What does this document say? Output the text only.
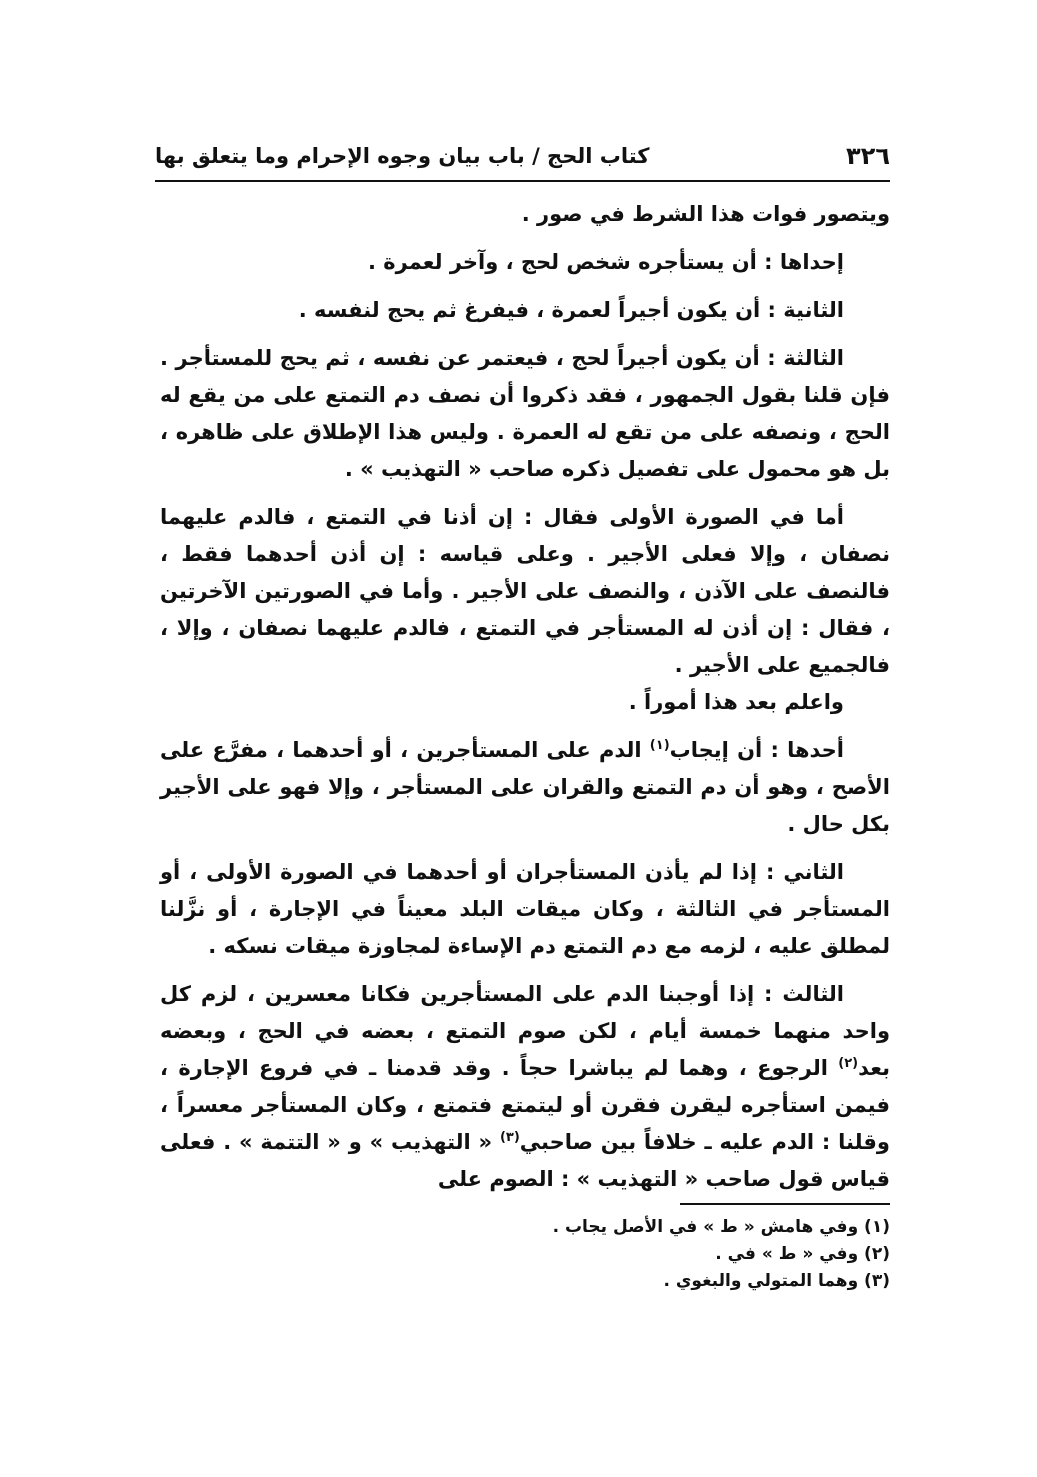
٣٢٦
كتاب الحج / باب بيان وجوه الإحرام وما يتعلق بها

ويتصور فوات هذا الشرط في صور .

إحداها : أن يستأجره شخص لحج ، وآخر لعمرة .

الثانية : أن يكون أجيراً لعمرة ، فيفرغ ثم يحج لنفسه .

الثالثة : أن يكون أجيراً لحج ، فيعتمر عن نفسه ، ثم يحج للمستأجر . فإن قلنا بقول الجمهور ، فقد ذكروا أن نصف دم التمتع على من يقع له الحج ، ونصفه على من تقع له العمرة . وليس هذا الإطلاق على ظاهره ، بل هو محمول على تفصيل ذكره صاحب « التهذيب » .

أما في الصورة الأولى فقال : إن أذنا في التمتع ، فالدم عليهما نصفان ، وإلا فعلى الأجير . وعلى قياسه : إن أذن أحدهما فقط ، فالنصف على الآذن ، والنصف على الأجير . وأما في الصورتين الآخرتين ، فقال : إن أذن له المستأجر في التمتع ، فالدم عليهما نصفان ، وإلا ، فالجميع على الأجير .

واعلم بعد هذا أموراً .

أحدها : أن إيجاب$^{(١)}$ الدم على المستأجرين ، أو أحدهما ، مفرَّع على الأصح ، وهو أن دم التمتع والقران على المستأجر ، وإلا فهو على الأجير بكل حال .

الثاني : إذا لم يأذن المستأجران أو أحدهما في الصورة الأولى ، أو المستأجر في الثالثة ، وكان ميقات البلد معيناً في الإجارة ، أو نزَّلنا لمطلق عليه ، لزمه مع دم التمتع دم الإساءة لمجاوزة ميقات نسكه .

الثالث : إذا أوجبنا الدم على المستأجرين فكانا معسرين ، لزم كل واحد منهما خمسة أيام ، لكن صوم التمتع ، بعضه في الحج ، وبعضه بعد$^{(٢)}$ الرجوع ، وهما لم يباشرا حجاً . وقد قدمنا ـ في فروع الإجارة ، فيمن استأجره ليقرن فقرن أو ليتمتع فتمتع ، وكان المستأجر معسراً ، وقلنا : الدم عليه ـ خلافاً بين صاحبي$^{(٣)}$ « التهذيب » و « التتمة » . فعلى قياس قول صاحب « التهذيب » : الصوم على

(١) وفي هامش « ط » في الأصل يجاب .
(٢) وفي « ط » في .
(٣) وهما المتولي والبغوي .
